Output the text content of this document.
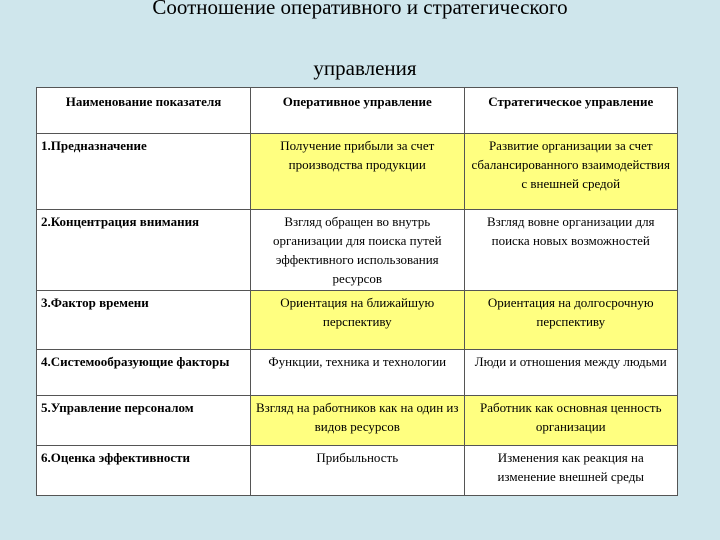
Соотношение оперативного и стратегического
управления
Наименование показателя	Оперативное управление	Стратегическое управление
1.Предназначение	Получение прибыли за счет производства продукции	Развитие организации за счет сбалансированного взаимодействия с внешней средой
2.Концентрация внимания	Взгляд обращен во внутрь организации для поиска путей эффективного использования ресурсов	Взгляд вовне организации для поиска новых возможностей
3.Фактор времени	Ориентация на ближайшую перспективу	Ориентация на долгосрочную перспективу
4.Системообразующие факторы	Функции, техника и технологии	Люди и отношения между людьми
5.Управление персоналом	Взгляд на работников как на один из видов ресурсов	Работник как основная ценность организации
6.Оценка эффективности	Прибыльность	Изменения как реакция на изменение внешней среды
